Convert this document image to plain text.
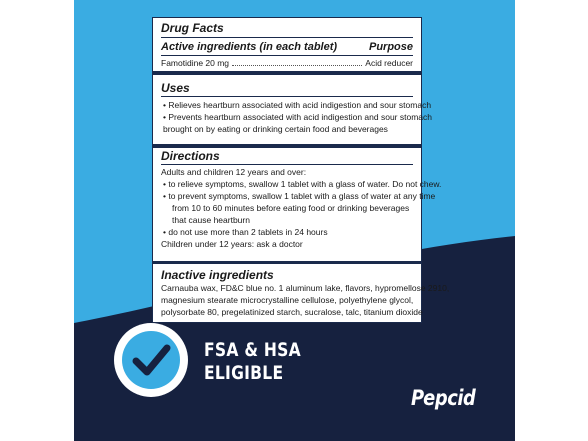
Drug Facts
Active ingredients (in each tablet)	Purpose
Famotidine 20 mg	Acid reducer
Uses
• Relieves heartburn associated with acid indigestion and sour stomach
• Prevents heartburn associated with acid indigestion and sour stomach
brought on by eating or drinking certain food and beverages
Directions
Adults and children 12 years and over:
• to relieve symptoms, swallow 1 tablet with a glass of water. Do not chew.
• to prevent symptoms, swallow 1 tablet with a glass of water at any time
from 10 to 60 minutes before eating food or drinking beverages
that cause heartburn
• do not use more than 2 tablets in 24 hours
Children under 12 years: ask a doctor
Inactive ingredients
Carnauba wax, FD&C blue no. 1 aluminum lake, flavors, hypromellose 2910,
magnesium stearate microcrystalline cellulose, polyethylene glycol,
polysorbate 80, pregelatinized starch, sucralose, talc, titanium dioxide
FSA & HSA
ELIGIBLE
Pepcid
